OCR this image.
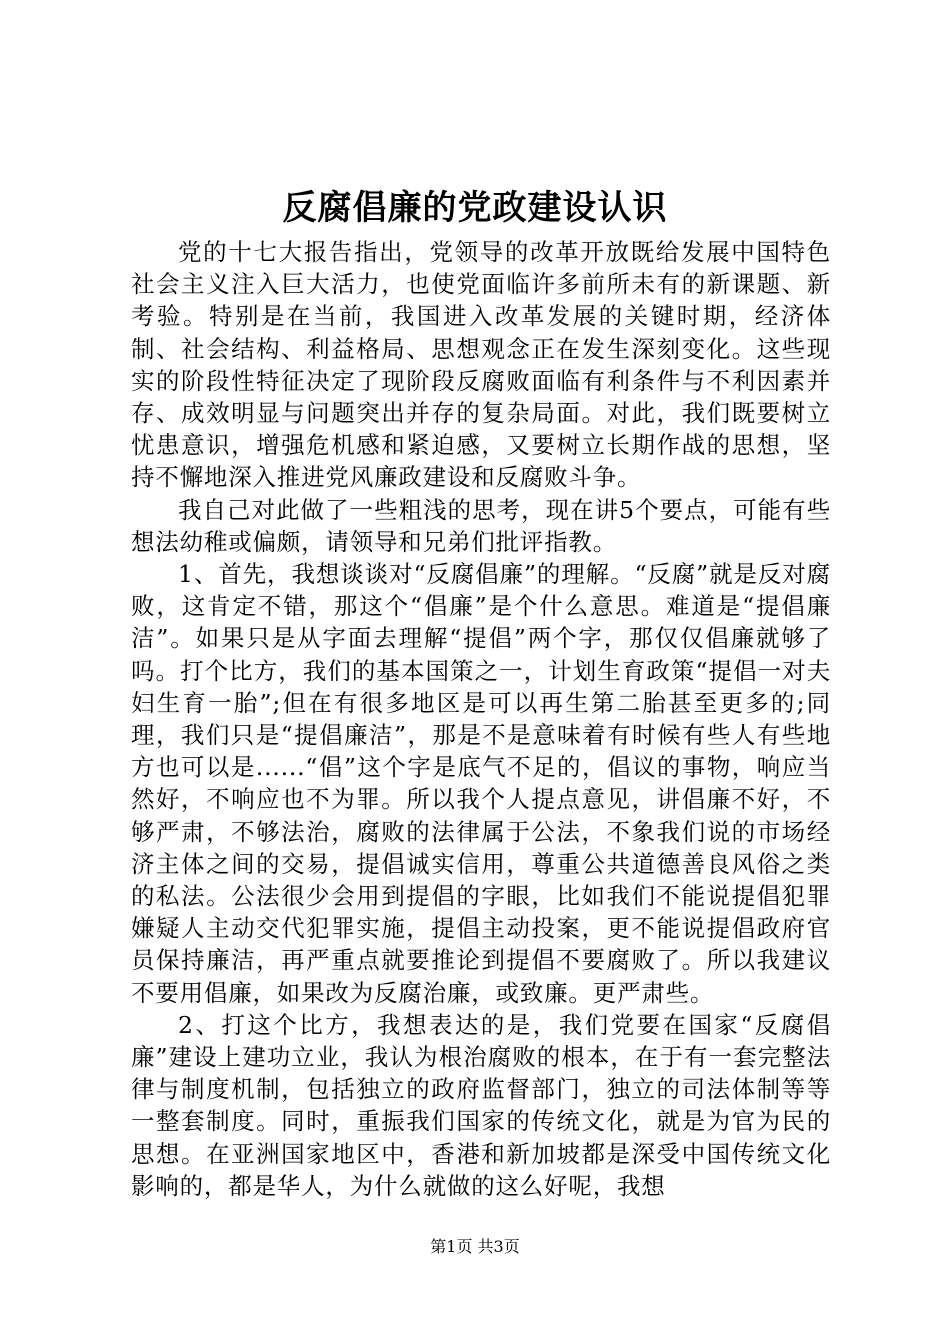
反腐倡廉的党政建设认识

党的十七大报告指出，党领导的改革开放既给发展中国特色社会主义注入巨大活力，也使党面临许多前所未有的新课题、新考验。特别是在当前，我国进入改革发展的关键时期，经济体制、社会结构、利益格局、思想观念正在发生深刻变化。这些现实的阶段性特征决定了现阶段反腐败面临有利条件与不利因素并存、成效明显与问题突出并存的复杂局面。对此，我们既要树立忧患意识，增强危机感和紧迫感，又要树立长期作战的思想，坚持不懈地深入推进党风廉政建设和反腐败斗争。

我自己对此做了一些粗浅的思考，现在讲5个要点，可能有些想法幼稚或偏颇，请领导和兄弟们批评指教。

1、首先，我想谈谈对“反腐倡廉”的理解。“反腐”就是反对腐败，这肯定不错，那这个“倡廉”是个什么意思。难道是“提倡廉洁”。如果只是从字面去理解“提倡”两个字，那仅仅倡廉就够了吗。打个比方，我们的基本国策之一，计划生育政策“提倡一对夫妇生育一胎”;但在有很多地区是可以再生第二胎甚至更多的;同理，我们只是“提倡廉洁”，那是不是意味着有时候有些人有些地方也可以是......“倡”这个字是底气不足的，倡议的事物，响应当然好，不响应也不为罪。所以我个人提点意见，讲倡廉不好，不够严肃，不够法治，腐败的法律属于公法，不象我们说的市场经济主体之间的交易，提倡诚实信用，尊重公共道德善良风俗之类的私法。公法很少会用到提倡的字眼，比如我们不能说提倡犯罪嫌疑人主动交代犯罪实施，提倡主动投案，更不能说提倡政府官员保持廉洁，再严重点就要推论到提倡不要腐败了。所以我建议不要用倡廉，如果改为反腐治廉，或致廉。更严肃些。

2、打这个比方，我想表达的是，我们党要在国家“反腐倡廉”建设上建功立业，我认为根治腐败的根本，在于有一套完整法律与制度机制，包括独立的政府监督部门，独立的司法体制等等一整套制度。同时，重振我们国家的传统文化，就是为官为民的思想。在亚洲国家地区中，香港和新加坡都是深受中国传统文化影响的，都是华人，为什么就做的这么好呢，我想

第1页 共3页
